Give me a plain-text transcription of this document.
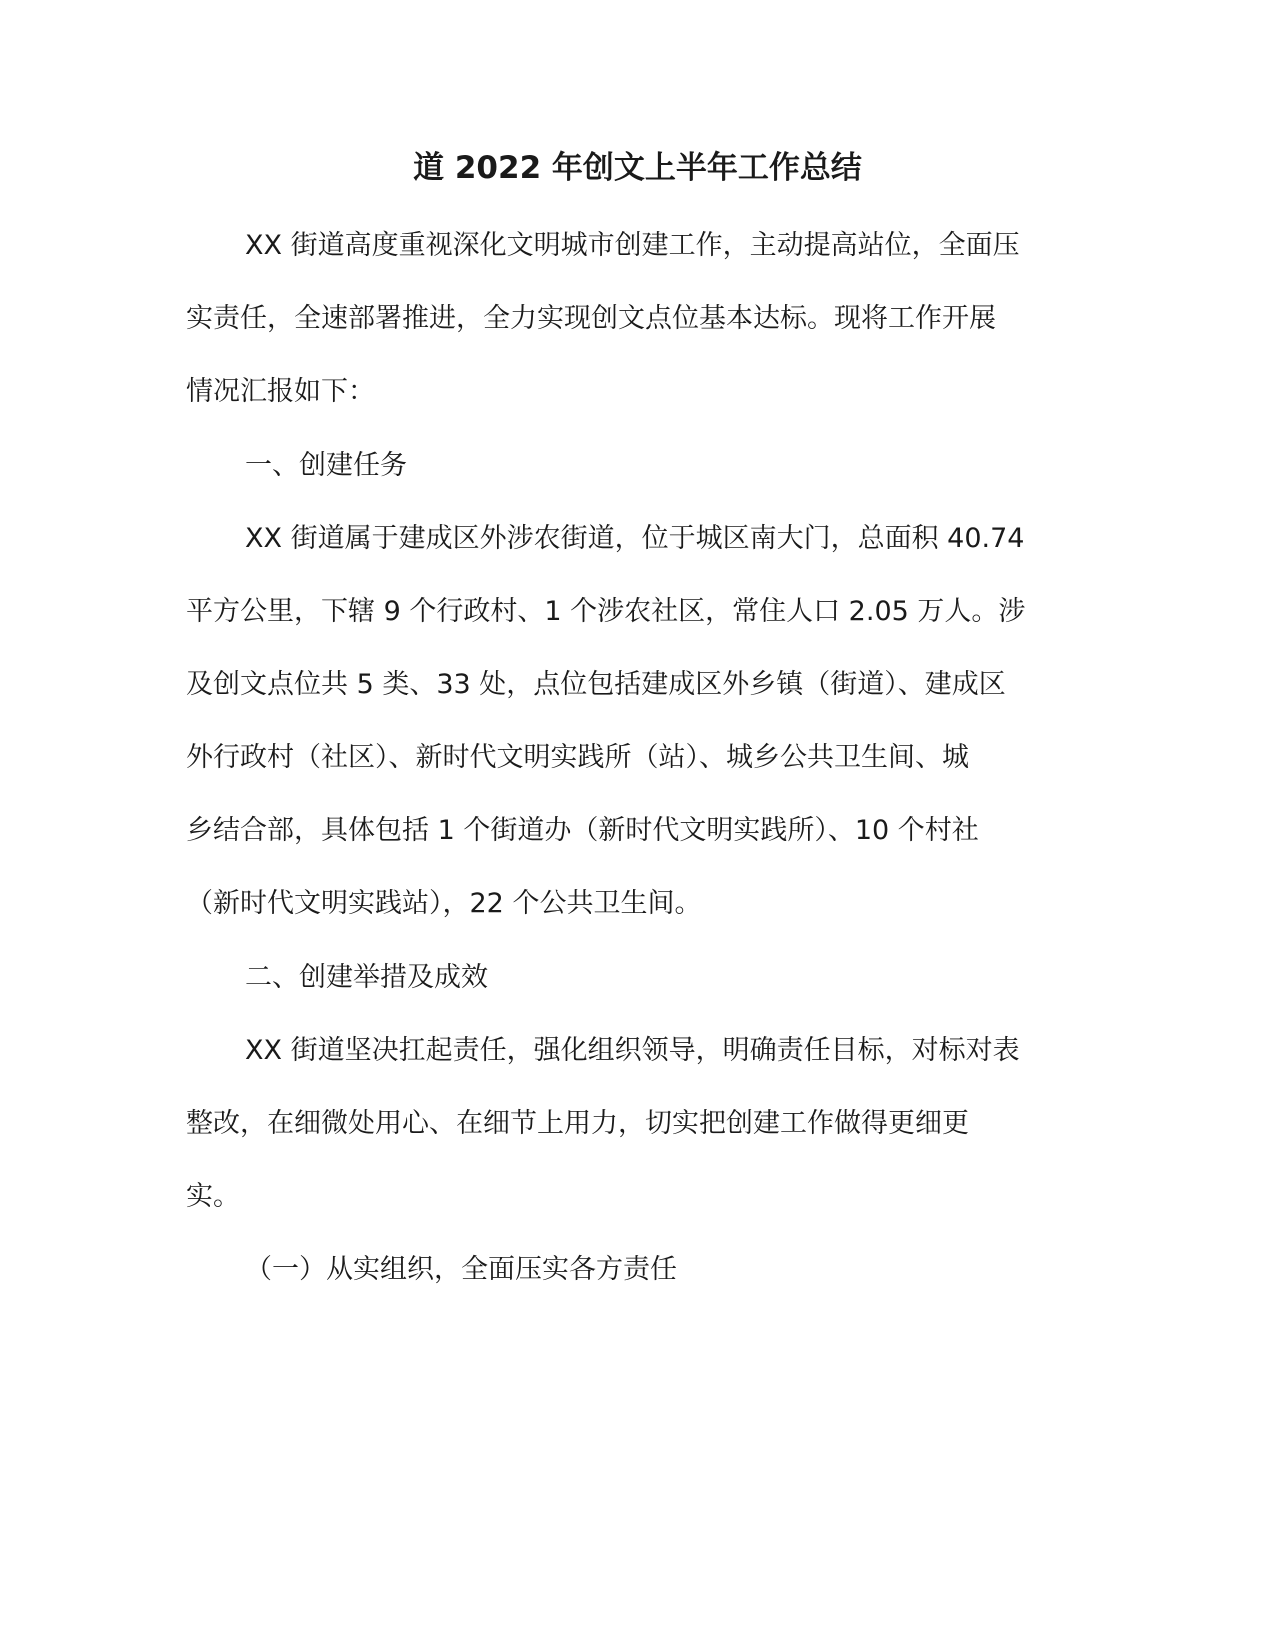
道 2022 年创文上半年工作总结

XX 街道高度重视深化文明城市创建工作，主动提高站位，全面压

实责任，全速部署推进，全力实现创文点位基本达标。现将工作开展

情况汇报如下：

一、创建任务

XX 街道属于建成区外涉农街道，位于城区南大门，总面积 40.74

平方公里，下辖 9 个行政村、1 个涉农社区，常住人口 2.05 万人。涉

及创文点位共 5 类、33 处，点位包括建成区外乡镇（街道）、建成区

外行政村（社区）、新时代文明实践所（站）、城乡公共卫生间、城

乡结合部，具体包括 1 个街道办（新时代文明实践所）、10 个村社

（新时代文明实践站），22 个公共卫生间。

二、创建举措及成效

XX 街道坚决扛起责任，强化组织领导，明确责任目标，对标对表

整改，在细微处用心、在细节上用力，切实把创建工作做得更细更

实。

（一）从实组织，全面压实各方责任
